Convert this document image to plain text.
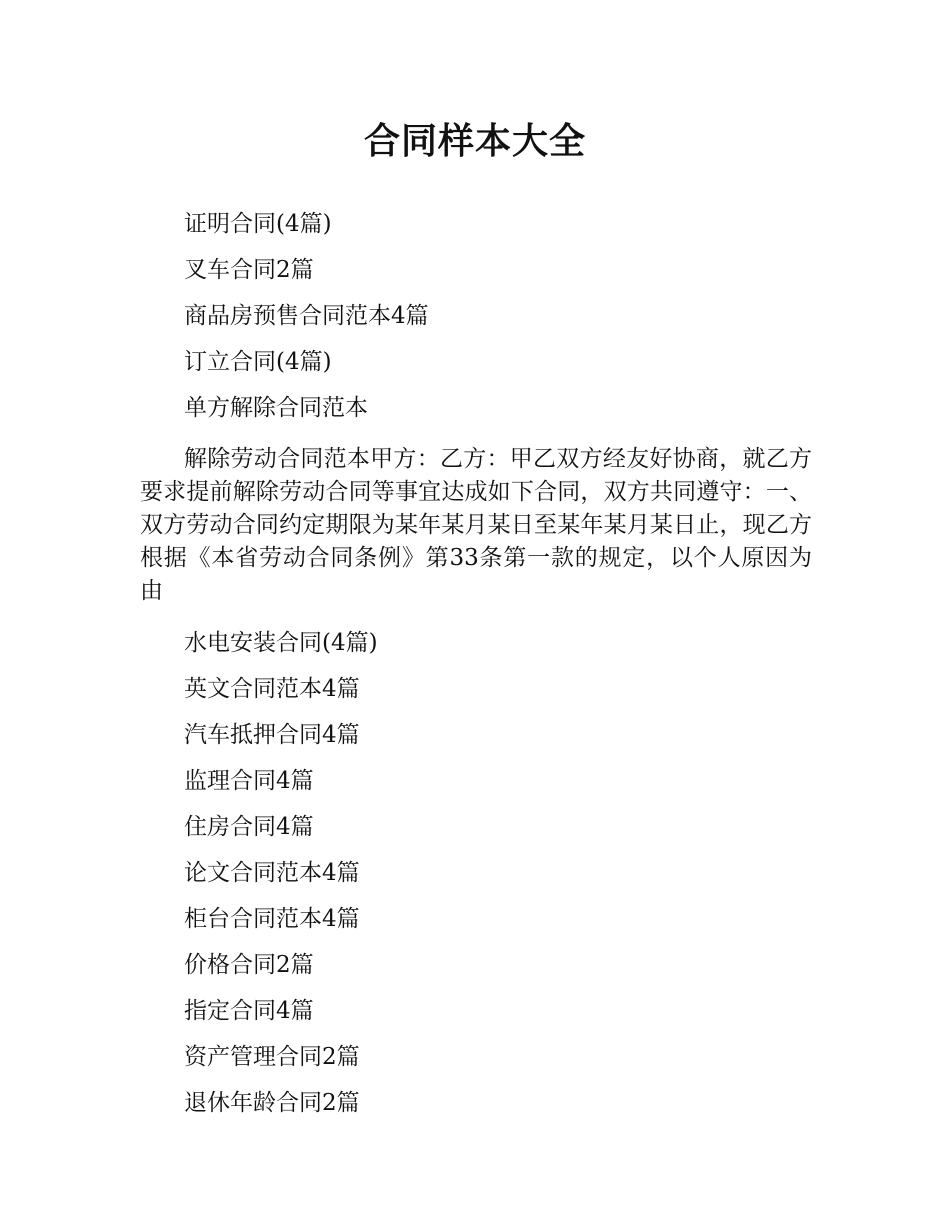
合同样本大全

证明合同(4篇)

叉车合同2篇

商品房预售合同范本4篇

订立合同(4篇)

单方解除合同范本

解除劳动合同范本甲方：乙方：甲乙双方经友好协商，就乙方要求提前解除劳动合同等事宜达成如下合同，双方共同遵守：一、双方劳动合同约定期限为某年某月某日至某年某月某日止，现乙方根据《本省劳动合同条例》第33条第一款的规定，以个人原因为由

水电安装合同(4篇)

英文合同范本4篇

汽车抵押合同4篇

监理合同4篇

住房合同4篇

论文合同范本4篇

柜台合同范本4篇

价格合同2篇

指定合同4篇

资产管理合同2篇

退休年龄合同2篇
